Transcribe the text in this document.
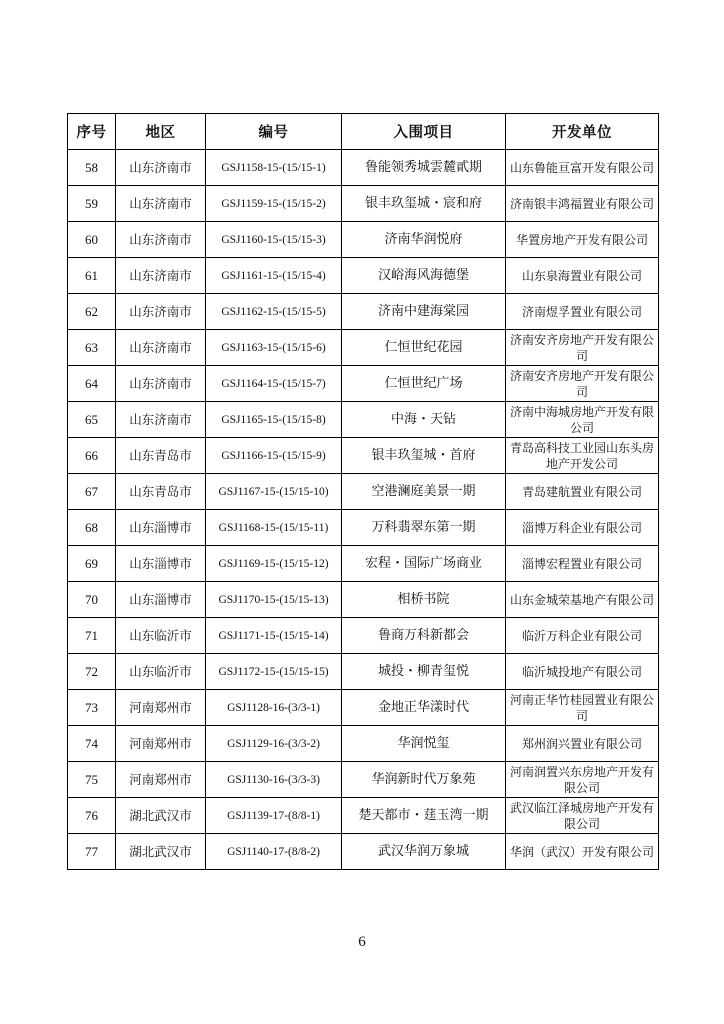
序号	地区	编号	入围项目	开发单位
58	山东济南市	GSJ1158-15-(15/15-1)	鲁能领秀城雲麓貳期	山东鲁能亘富开发有限公司
59	山东济南市	GSJ1159-15-(15/15-2)	银丰玖玺城・宸和府	济南银丰鸿福置业有限公司
60	山东济南市	GSJ1160-15-(15/15-3)	济南华润悦府	华置房地产开发有限公司
61	山东济南市	GSJ1161-15-(15/15-4)	汉峪海风海德堡	山东泉海置业有限公司
62	山东济南市	GSJ1162-15-(15/15-5)	济南中建海棠园	济南煜孚置业有限公司
63	山东济南市	GSJ1163-15-(15/15-6)	仁恒世纪花园	济南安齐房地产开发有限公司
64	山东济南市	GSJ1164-15-(15/15-7)	仁恒世纪广场	济南安齐房地产开发有限公司
65	山东济南市	GSJ1165-15-(15/15-8)	中海・天钻	济南中海城房地产开发有限公司
66	山东青岛市	GSJ1166-15-(15/15-9)	银丰玖玺城・首府	青岛高科技工业园山东头房地产开发公司
67	山东青岛市	GSJ1167-15-(15/15-10)	空港澜庭美景一期	青岛建航置业有限公司
68	山东淄博市	GSJ1168-15-(15/15-11)	万科翡翠东第一期	淄博万科企业有限公司
69	山东淄博市	GSJ1169-15-(15/15-12)	宏程・国际广场商业	淄博宏程置业有限公司
70	山东淄博市	GSJ1170-15-(15/15-13)	相桥书院	山东金城荣基地产有限公司
71	山东临沂市	GSJ1171-15-(15/15-14)	鲁商万科新都会	临沂万科企业有限公司
72	山东临沂市	GSJ1172-15-(15/15-15)	城投・柳青玺悦	临沂城投地产有限公司
73	河南郑州市	GSJ1128-16-(3/3-1)	金地正华漾时代	河南正华竹桂园置业有限公司
74	河南郑州市	GSJ1129-16-(3/3-2)	华润悦玺	郑州润兴置业有限公司
75	河南郑州市	GSJ1130-16-(3/3-3)	华润新时代万象苑	河南润置兴东房地产开发有限公司
76	湖北武汉市	GSJ1139-17-(8/8-1)	楚天都市・莛玉湾一期	武汉临江泽城房地产开发有限公司
77	湖北武汉市	GSJ1140-17-(8/8-2)	武汉华润万象城	华润（武汉）开发有限公司
6
